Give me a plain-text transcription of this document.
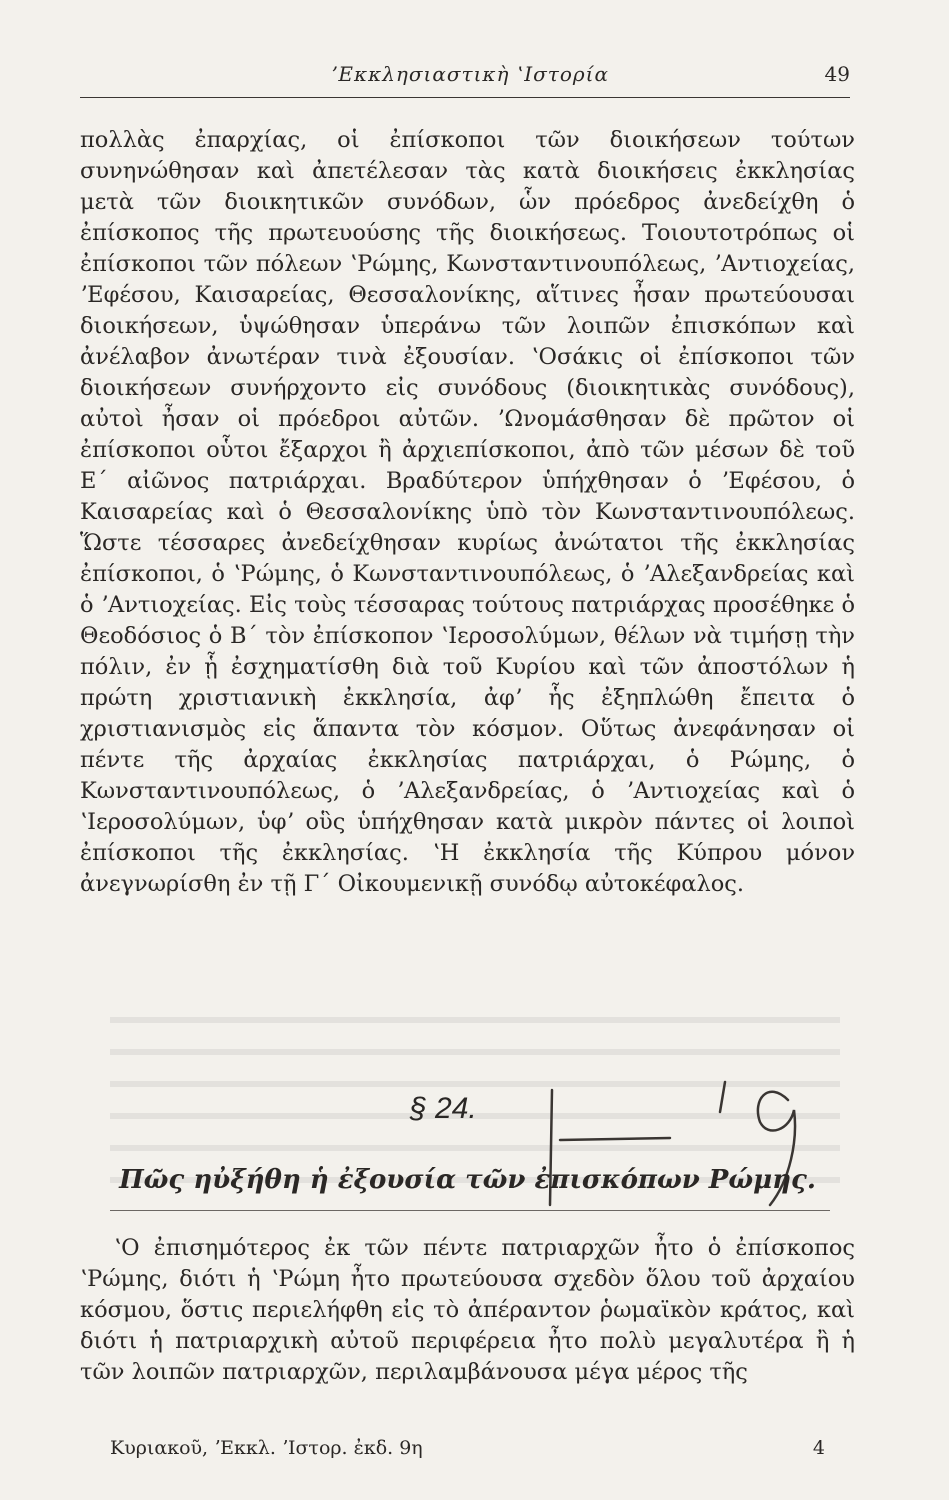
ʼΕκκλησιαστικὴ ʽΙστορία	49

πολλὰς ἐπαρχίας, οἱ ἐπίσκοποι τῶν διοικήσεων τούτων συνηνώθησαν καὶ ἀπετέλεσαν τὰς κατὰ διοικήσεις ἐκκλησίας μετὰ τῶν διοικητικῶν συνόδων, ὧν πρόεδρος ἀνεδείχθη ὁ ἐπίσκοπος τῆς πρωτευούσης τῆς διοικήσεως. Τοιουτοτρόπως οἱ ἐπίσκοποι τῶν πόλεων ʽΡώμης, Κωνσταντινουπόλεως, ʼΑντιοχείας, ʼΕφέσου, Καισαρείας, Θεσσαλονίκης, αἵτινες ἦσαν πρωτεύουσαι διοικήσεων, ὑψώθησαν ὑπεράνω τῶν λοιπῶν ἐπισκόπων καὶ ἀνέλαβον ἀνωτέραν τινὰ ἐξουσίαν. ʽΟσάκις οἱ ἐπίσκοποι τῶν διοικήσεων συνήρχοντο εἰς συνόδους (διοικητικὰς συνόδους), αὐτοὶ ἦσαν οἱ πρόεδροι αὐτῶν. ʼΩνομάσθησαν δὲ πρῶτον οἱ ἐπίσκοποι οὗτοι ἔξαρχοι ἢ ἀρχιεπίσκοποι, ἀπὸ τῶν μέσων δὲ τοῦ Ε΄ αἰῶνος πατριάρχαι. Βραδύτερον ὑπήχθησαν ὁ ʼΕφέσου, ὁ Καισαρείας καὶ ὁ Θεσσαλονίκης ὑπὸ τὸν Κωνσταντινουπόλεως. Ὥστε τέσσαρες ἀνεδείχθησαν κυρίως ἀνώτατοι τῆς ἐκκλησίας ἐπίσκοποι, ὁ ʽΡώμης, ὁ Κωνσταντινουπόλεως, ὁ ʼΑλεξανδρείας καὶ ὁ ʼΑντιοχείας. Εἰς τοὺς τέσσαρας τούτους πατριάρχας προσέθηκε ὁ Θεοδόσιος ὁ Β΄ τὸν ἐπίσκοπον ʽΙεροσολύμων, θέλων νὰ τιμήσῃ τὴν πόλιν, ἐν ᾗ ἐσχηματίσθη διὰ τοῦ Κυρίου καὶ τῶν ἀποστόλων ἡ πρώτη χριστιανικὴ ἐκκλησία, ἀφʼ ἧς ἐξηπλώθη ἔπειτα ὁ χριστιανισμὸς εἰς ἅπαντα τὸν κόσμον. Οὕτως ἀνεφάνησαν οἱ πέντε τῆς ἀρχαίας ἐκκλησίας πατριάρχαι, ὁ Ρώμης, ὁ Κωνσταντινουπόλεως, ὁ ʼΑλεξανδρείας, ὁ ʼΑντιοχείας καὶ ὁ ʽΙεροσολύμων, ὑφʼ οὓς ὑπήχθησαν κατὰ μικρὸν πάντες οἱ λοιποὶ ἐπίσκοποι τῆς ἐκκλησίας. ʽΗ ἐκκλησία τῆς Κύπρου μόνον ἀνεγνωρίσθη ἐν τῇ Γ΄ Οἰκουμενικῇ συνόδῳ αὐτοκέφαλος.

§ 24.
Πῶς ηὐξήθη ἡ ἐξουσία τῶν ἐπισκόπων Ρώμης.

ʽΟ ἐπισημότερος ἐκ τῶν πέντε πατριαρχῶν ἦτο ὁ ἐπίσκοπος ʽΡώμης, διότι ἡ ʽΡώμη ἦτο πρωτεύουσα σχεδὸν ὅλου τοῦ ἀρχαίου κόσμου, ὅστις περιελήφθη εἰς τὸ ἀπέραντον ῥωμαϊκὸν κράτος, καὶ διότι ἡ πατριαρχικὴ αὐτοῦ περιφέρεια ἦτο πολὺ μεγαλυτέρα ἢ ἡ τῶν λοιπῶν πατριαρχῶν, περιλαμβάνουσα μέγα μέρος τῆς

Κυριακοῦ, ʼΕκκλ. ʼΙστορ. ἐκδ. 9η	4
